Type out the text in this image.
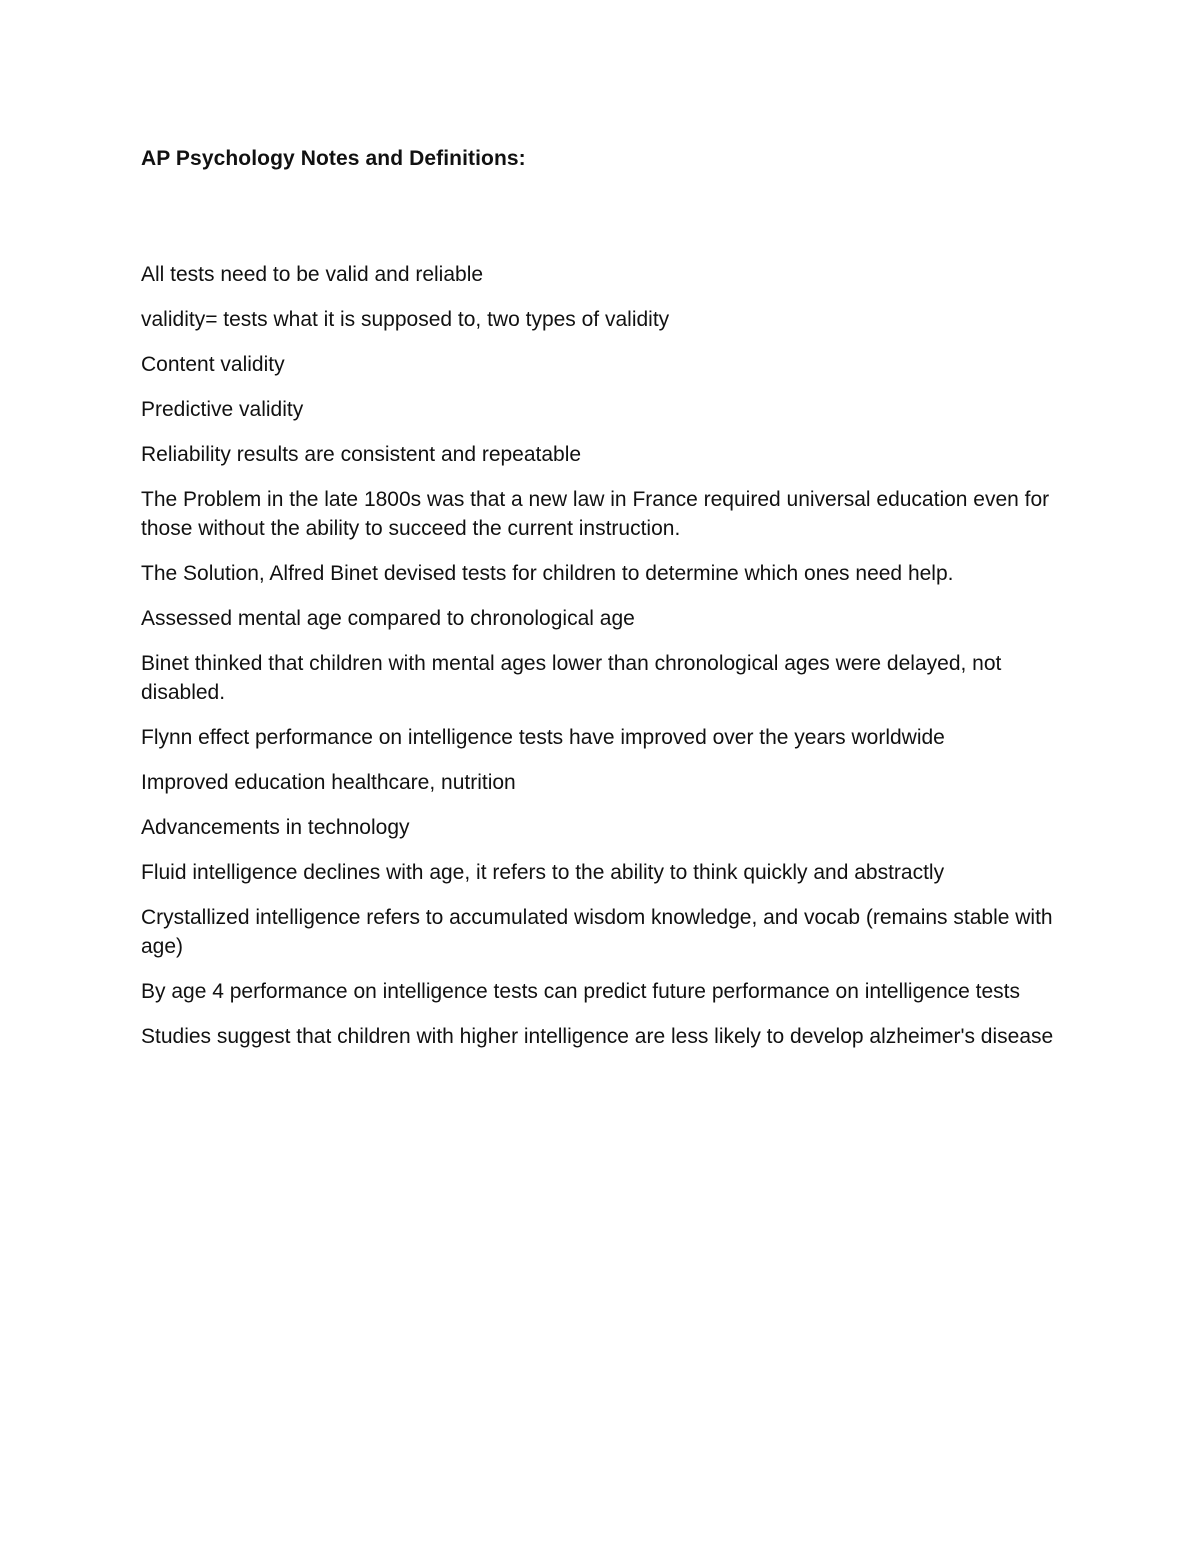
AP Psychology Notes and Definitions:
All tests need to be valid and reliable
validity= tests what it is supposed to, two types of validity
Content validity
Predictive validity
Reliability results are consistent and repeatable
The Problem in the late 1800s was that a new law in France required universal education even for those without the ability to succeed the current instruction.
The Solution, Alfred Binet devised tests for children to determine which ones need help.
Assessed mental age compared to chronological age
Binet thinked that children with mental ages lower than chronological ages were delayed, not disabled.
Flynn effect performance on intelligence tests have improved over the years worldwide
Improved education healthcare, nutrition
Advancements in technology
Fluid intelligence declines with age, it refers to the ability to think quickly and abstractly
Crystallized intelligence refers to accumulated wisdom knowledge, and vocab (remains stable with age)
By age 4 performance on intelligence tests can predict future performance on intelligence tests
Studies suggest that children with higher intelligence are less likely to develop alzheimer's disease
